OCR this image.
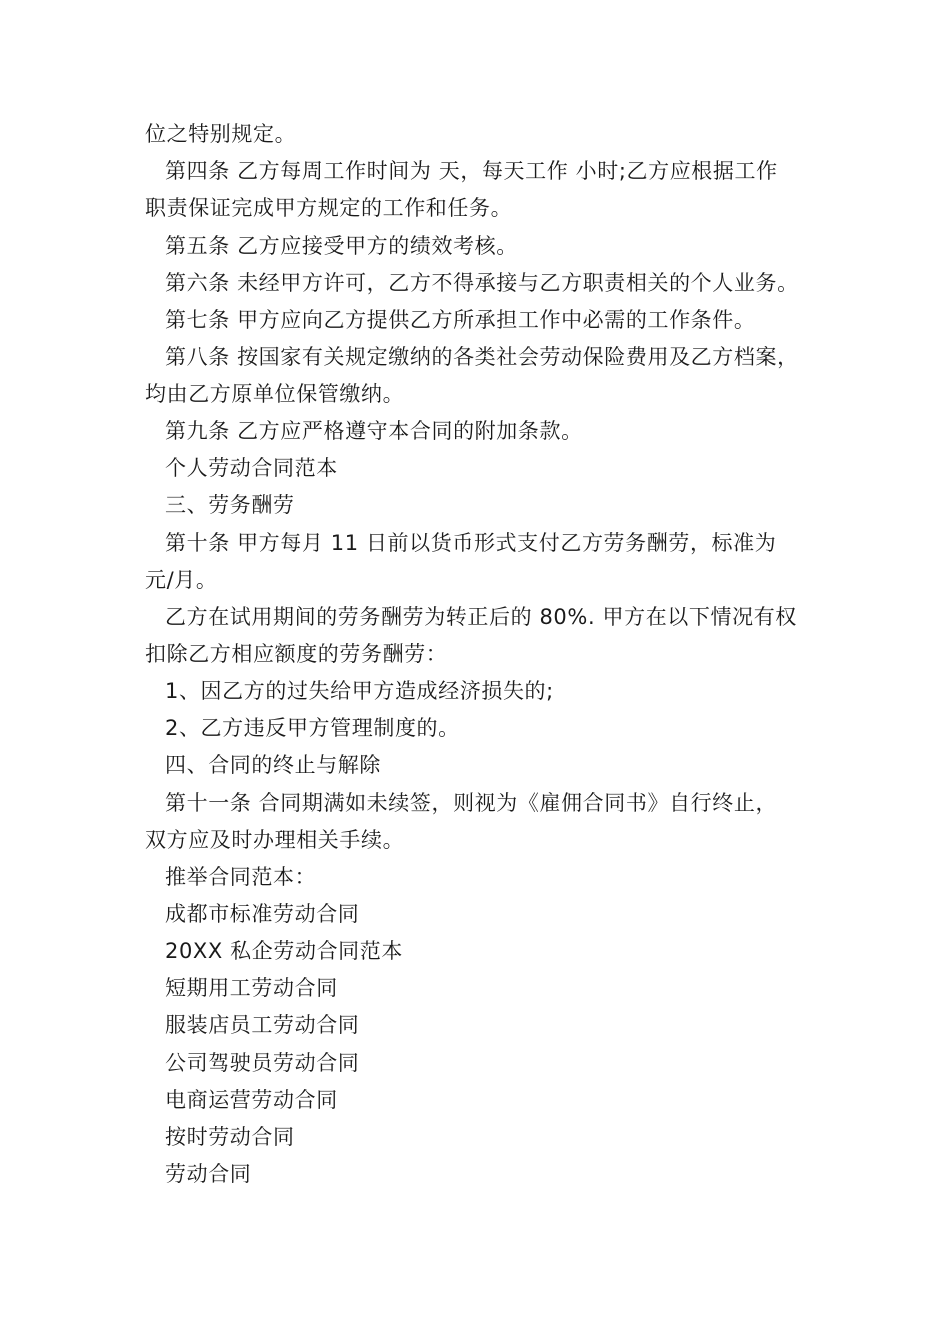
位之特别规定。
第四条 乙方每周工作时间为 天，每天工作 小时;乙方应根据工作
职责保证完成甲方规定的工作和任务。
第五条 乙方应接受甲方的绩效考核。
第六条 未经甲方许可，乙方不得承接与乙方职责相关的个人业务。
第七条 甲方应向乙方提供乙方所承担工作中必需的工作条件。
第八条 按国家有关规定缴纳的各类社会劳动保险费用及乙方档案，
均由乙方原单位保管缴纳。
第九条 乙方应严格遵守本合同的附加条款。
个人劳动合同范本
三、劳务酬劳
第十条 甲方每月 11 日前以货币形式支付乙方劳务酬劳，标准为
元/月。
乙方在试用期间的劳务酬劳为转正后的 80%. 甲方在以下情况有权
扣除乙方相应额度的劳务酬劳：
1、因乙方的过失给甲方造成经济损失的;
2、乙方违反甲方管理制度的。
四、合同的终止与解除
第十一条 合同期满如未续签，则视为《雇佣合同书》自行终止，
双方应及时办理相关手续。
推举合同范本：
成都市标准劳动合同
20XX 私企劳动合同范本
短期用工劳动合同
服装店员工劳动合同
公司驾驶员劳动合同
电商运营劳动合同
按时劳动合同
劳动合同
